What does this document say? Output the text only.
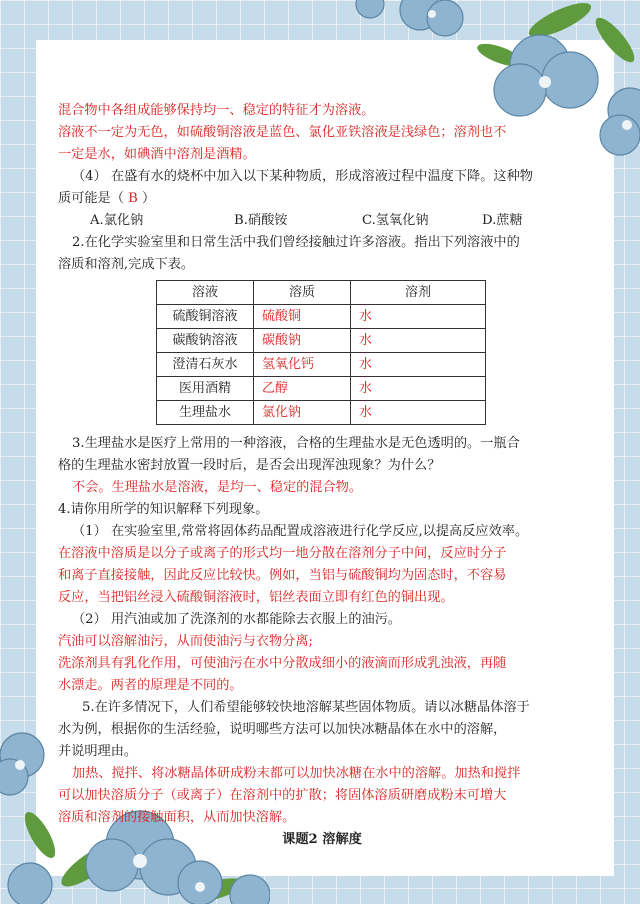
混合物中各组成能够保持均一、稳定的特征才为溶液。

溶液不一定为无色，如硫酸铜溶液是蓝色、氯化亚铁溶液是浅绿色；溶剂也不

一定是水，如碘酒中溶剂是酒精。

（4） 在盛有水的烧杯中加入以下某种物质，形成溶液过程中温度下降。这种物

质可能是（ B ）

A.氯化钠	B.硝酸铵	C.氢氧化钠	D.蔗糖

2.在化学实验室里和日常生活中我们曾经接触过许多溶液。指出下列溶液中的

溶质和溶剂,完成下表。

溶液	溶质	溶剂
硫酸铜溶液	硫酸铜	水
碳酸钠溶液	碳酸钠	水
澄清石灰水	氢氧化钙	水
医用酒精	乙醇	水
生理盐水	氯化钠	水

3.生理盐水是医疗上常用的一种溶液，合格的生理盐水是无色透明的。一瓶合

格的生理盐水密封放置一段时后，是否会出现浑浊现象？为什么？

不会。生理盐水是溶液，是均一、稳定的混合物。

4.请你用所学的知识解释下列现象。

（1） 在实验室里,常常将固体药品配置成溶液进行化学反应,以提高反应效率。

在溶液中溶质是以分子或离子的形式均一地分散在溶剂分子中间，反应时分子

和离子直接接触，因此反应比较快。例如，当铝与硫酸铜均为固态时，不容易

反应，当把铝丝浸入硫酸铜溶液时，铝丝表面立即有红色的铜出现。

（2） 用汽油或加了洗涤剂的水都能除去衣服上的油污。

汽油可以溶解油污，从而使油污与衣物分离;

洗涤剂具有乳化作用，可使油污在水中分散成细小的液滴而形成乳浊液，再随

水漂走。两者的原理是不同的。

5.在许多情况下，人们希望能够较快地溶解某些固体物质。请以冰糖晶体溶于

水为例，根据你的生活经验，说明哪些方法可以加快冰糖晶体在水中的溶解，

并说明理由。

加热、搅拌、将冰糖晶体研成粉末都可以加快冰糖在水中的溶解。加热和搅拌

可以加快溶质分子（或离子）在溶剂中的扩散；将固体溶质研磨成粉末可增大

溶质和溶剂的接触面积，从而加快溶解。

课题2 溶解度
